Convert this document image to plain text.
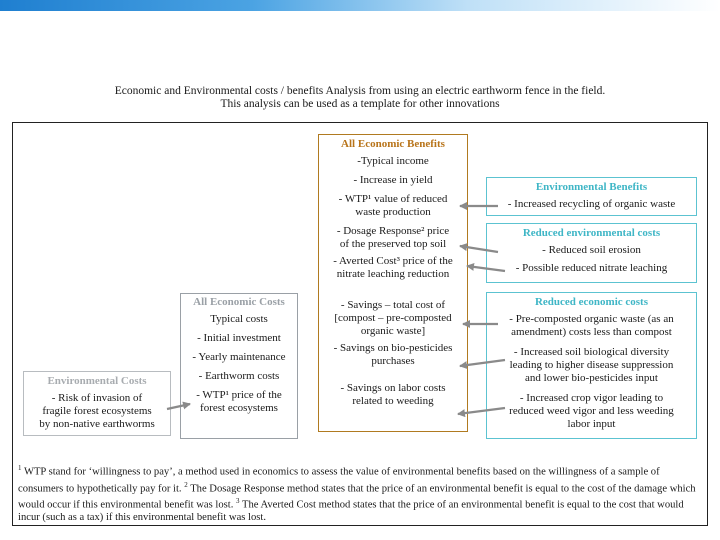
Economic and Environmental costs / benefits Analysis from using an electric earthworm fence in the field.
This analysis can be used as a template for other innovations
All Economic Benefits
-Typical income
- Increase in yield
- WTP¹ value of reduced
waste production
- Dosage Response² price
of the preserved top soil
- Averted Cost³ price of the
nitrate leaching reduction
- Savings – total cost of
[compost – pre-composted
organic waste]
- Savings on bio-pesticides
purchases
- Savings on labor costs
related to weeding
All Economic Costs
Typical costs
- Initial investment
- Yearly maintenance
- Earthworm costs
- WTP¹ price of the
forest ecosystems
Environmental Costs
- Risk of invasion of
fragile forest ecosystems
by non-native earthworms
Environmental Benefits
- Increased recycling of organic waste
Reduced environmental costs
- Reduced soil erosion
- Possible reduced nitrate leaching
Reduced economic costs
- Pre-composted organic waste (as an
amendment) costs less than compost
- Increased soil biological diversity
leading to higher disease suppression
and lower bio-pesticides input
- Increased crop vigor leading to
reduced weed vigor and less weeding
labor input
$^1$ WTP stand for ‘willingness to pay’, a method used in economics to assess the value of environmental benefits based on the willingness of a sample of consumers to hypothetically pay for it. $^2$ The Dosage Response method states that the price of an environmental benefit is equal to the cost of the damage which would occur if this environmental benefit was lost. $^3$ The Averted Cost method states that the price of an environmental benefit is equal to the cost that would incur (such as a tax) if this environmental benefit was lost.
